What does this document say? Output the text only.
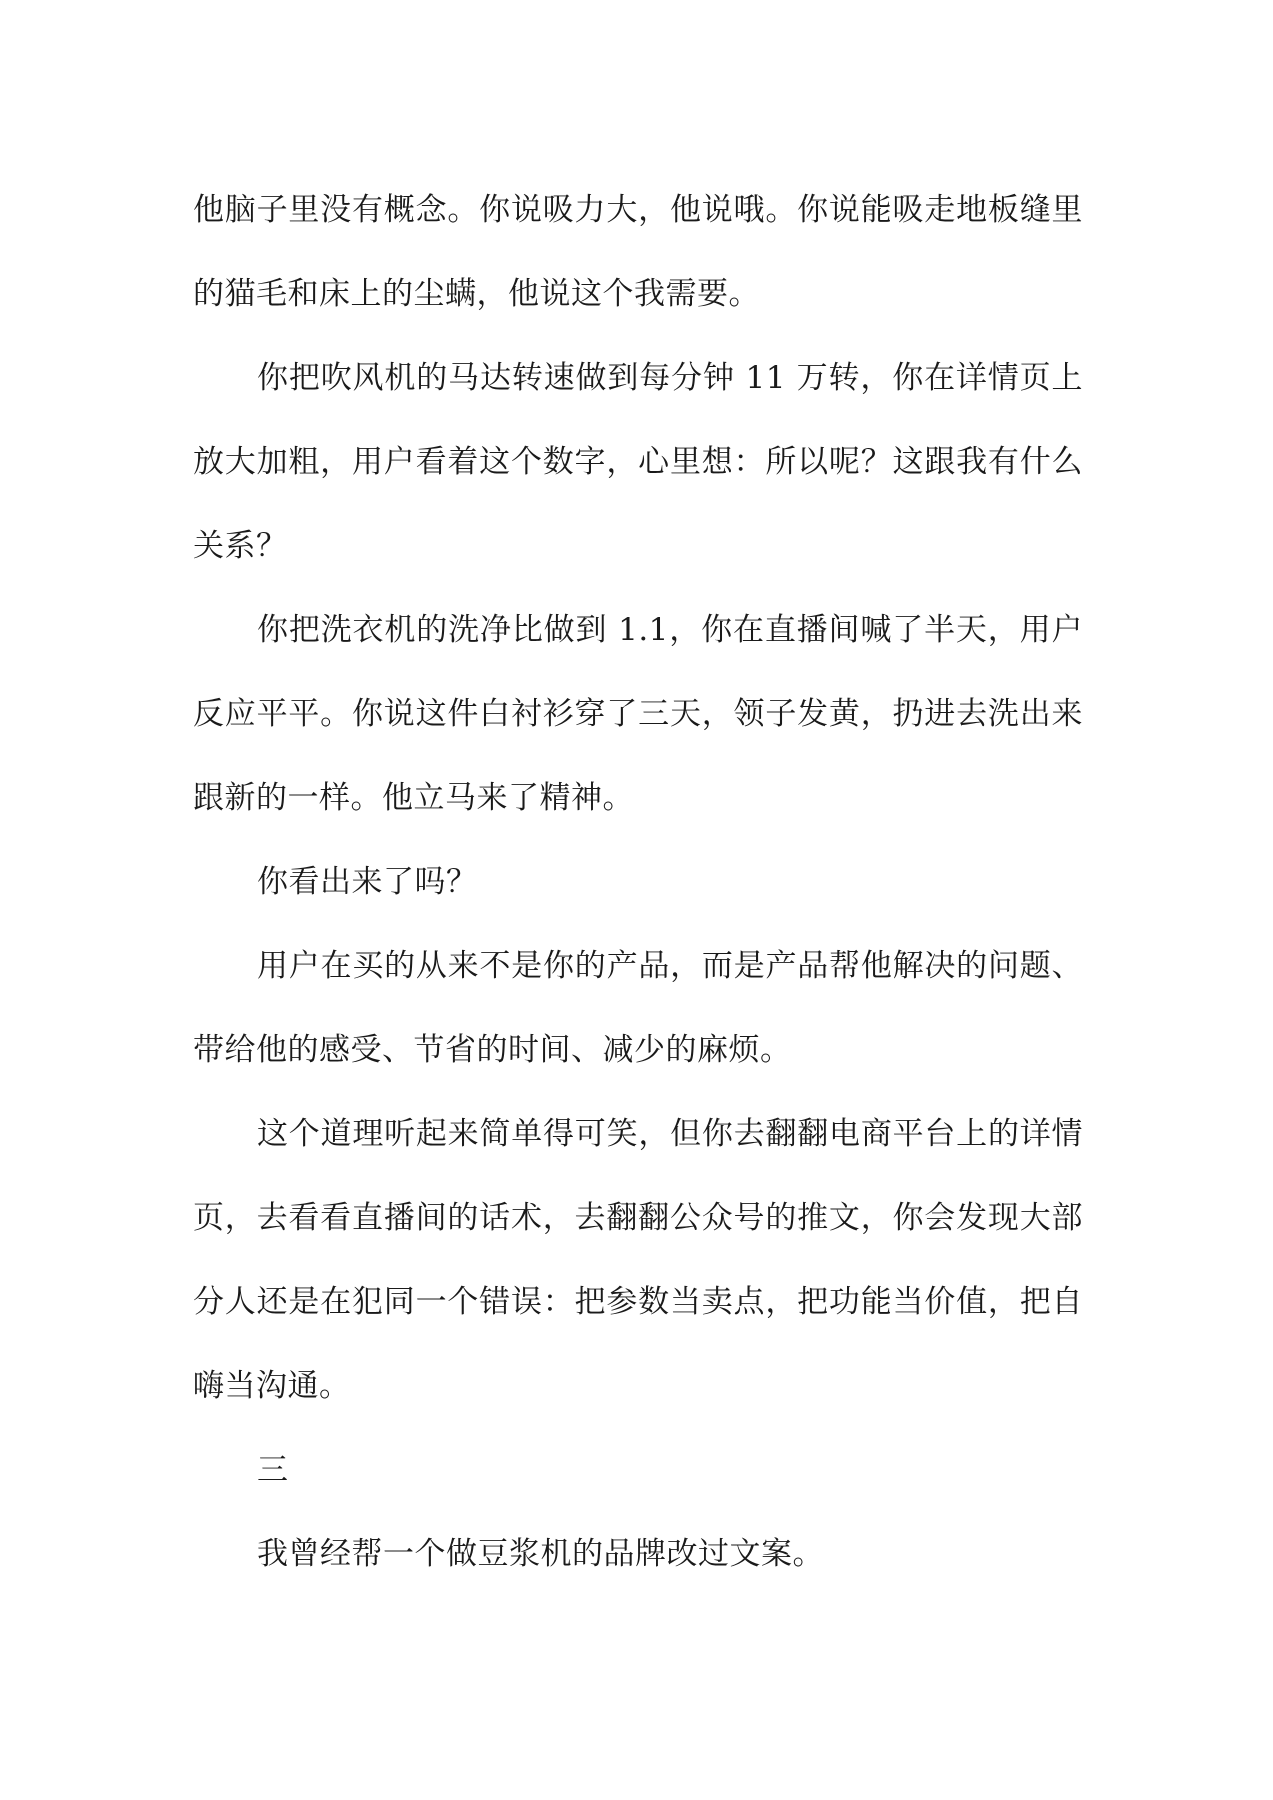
他脑子里没有概念。你说吸力大，他说哦。你说能吸走地板缝里的猫毛和床上的尘螨，他说这个我需要。

你把吹风机的马达转速做到每分钟 11 万转，你在详情页上放大加粗，用户看着这个数字，心里想：所以呢？这跟我有什么关系？

你把洗衣机的洗净比做到 1.1，你在直播间喊了半天，用户反应平平。你说这件白衬衫穿了三天，领子发黄，扔进去洗出来跟新的一样。他立马来了精神。

你看出来了吗？

用户在买的从来不是你的产品，而是产品帮他解决的问题、带给他的感受、节省的时间、减少的麻烦。

这个道理听起来简单得可笑，但你去翻翻电商平台上的详情页，去看看直播间的话术，去翻翻公众号的推文，你会发现大部分人还是在犯同一个错误：把参数当卖点，把功能当价值，把自嗨当沟通。

三

我曾经帮一个做豆浆机的品牌改过文案。
